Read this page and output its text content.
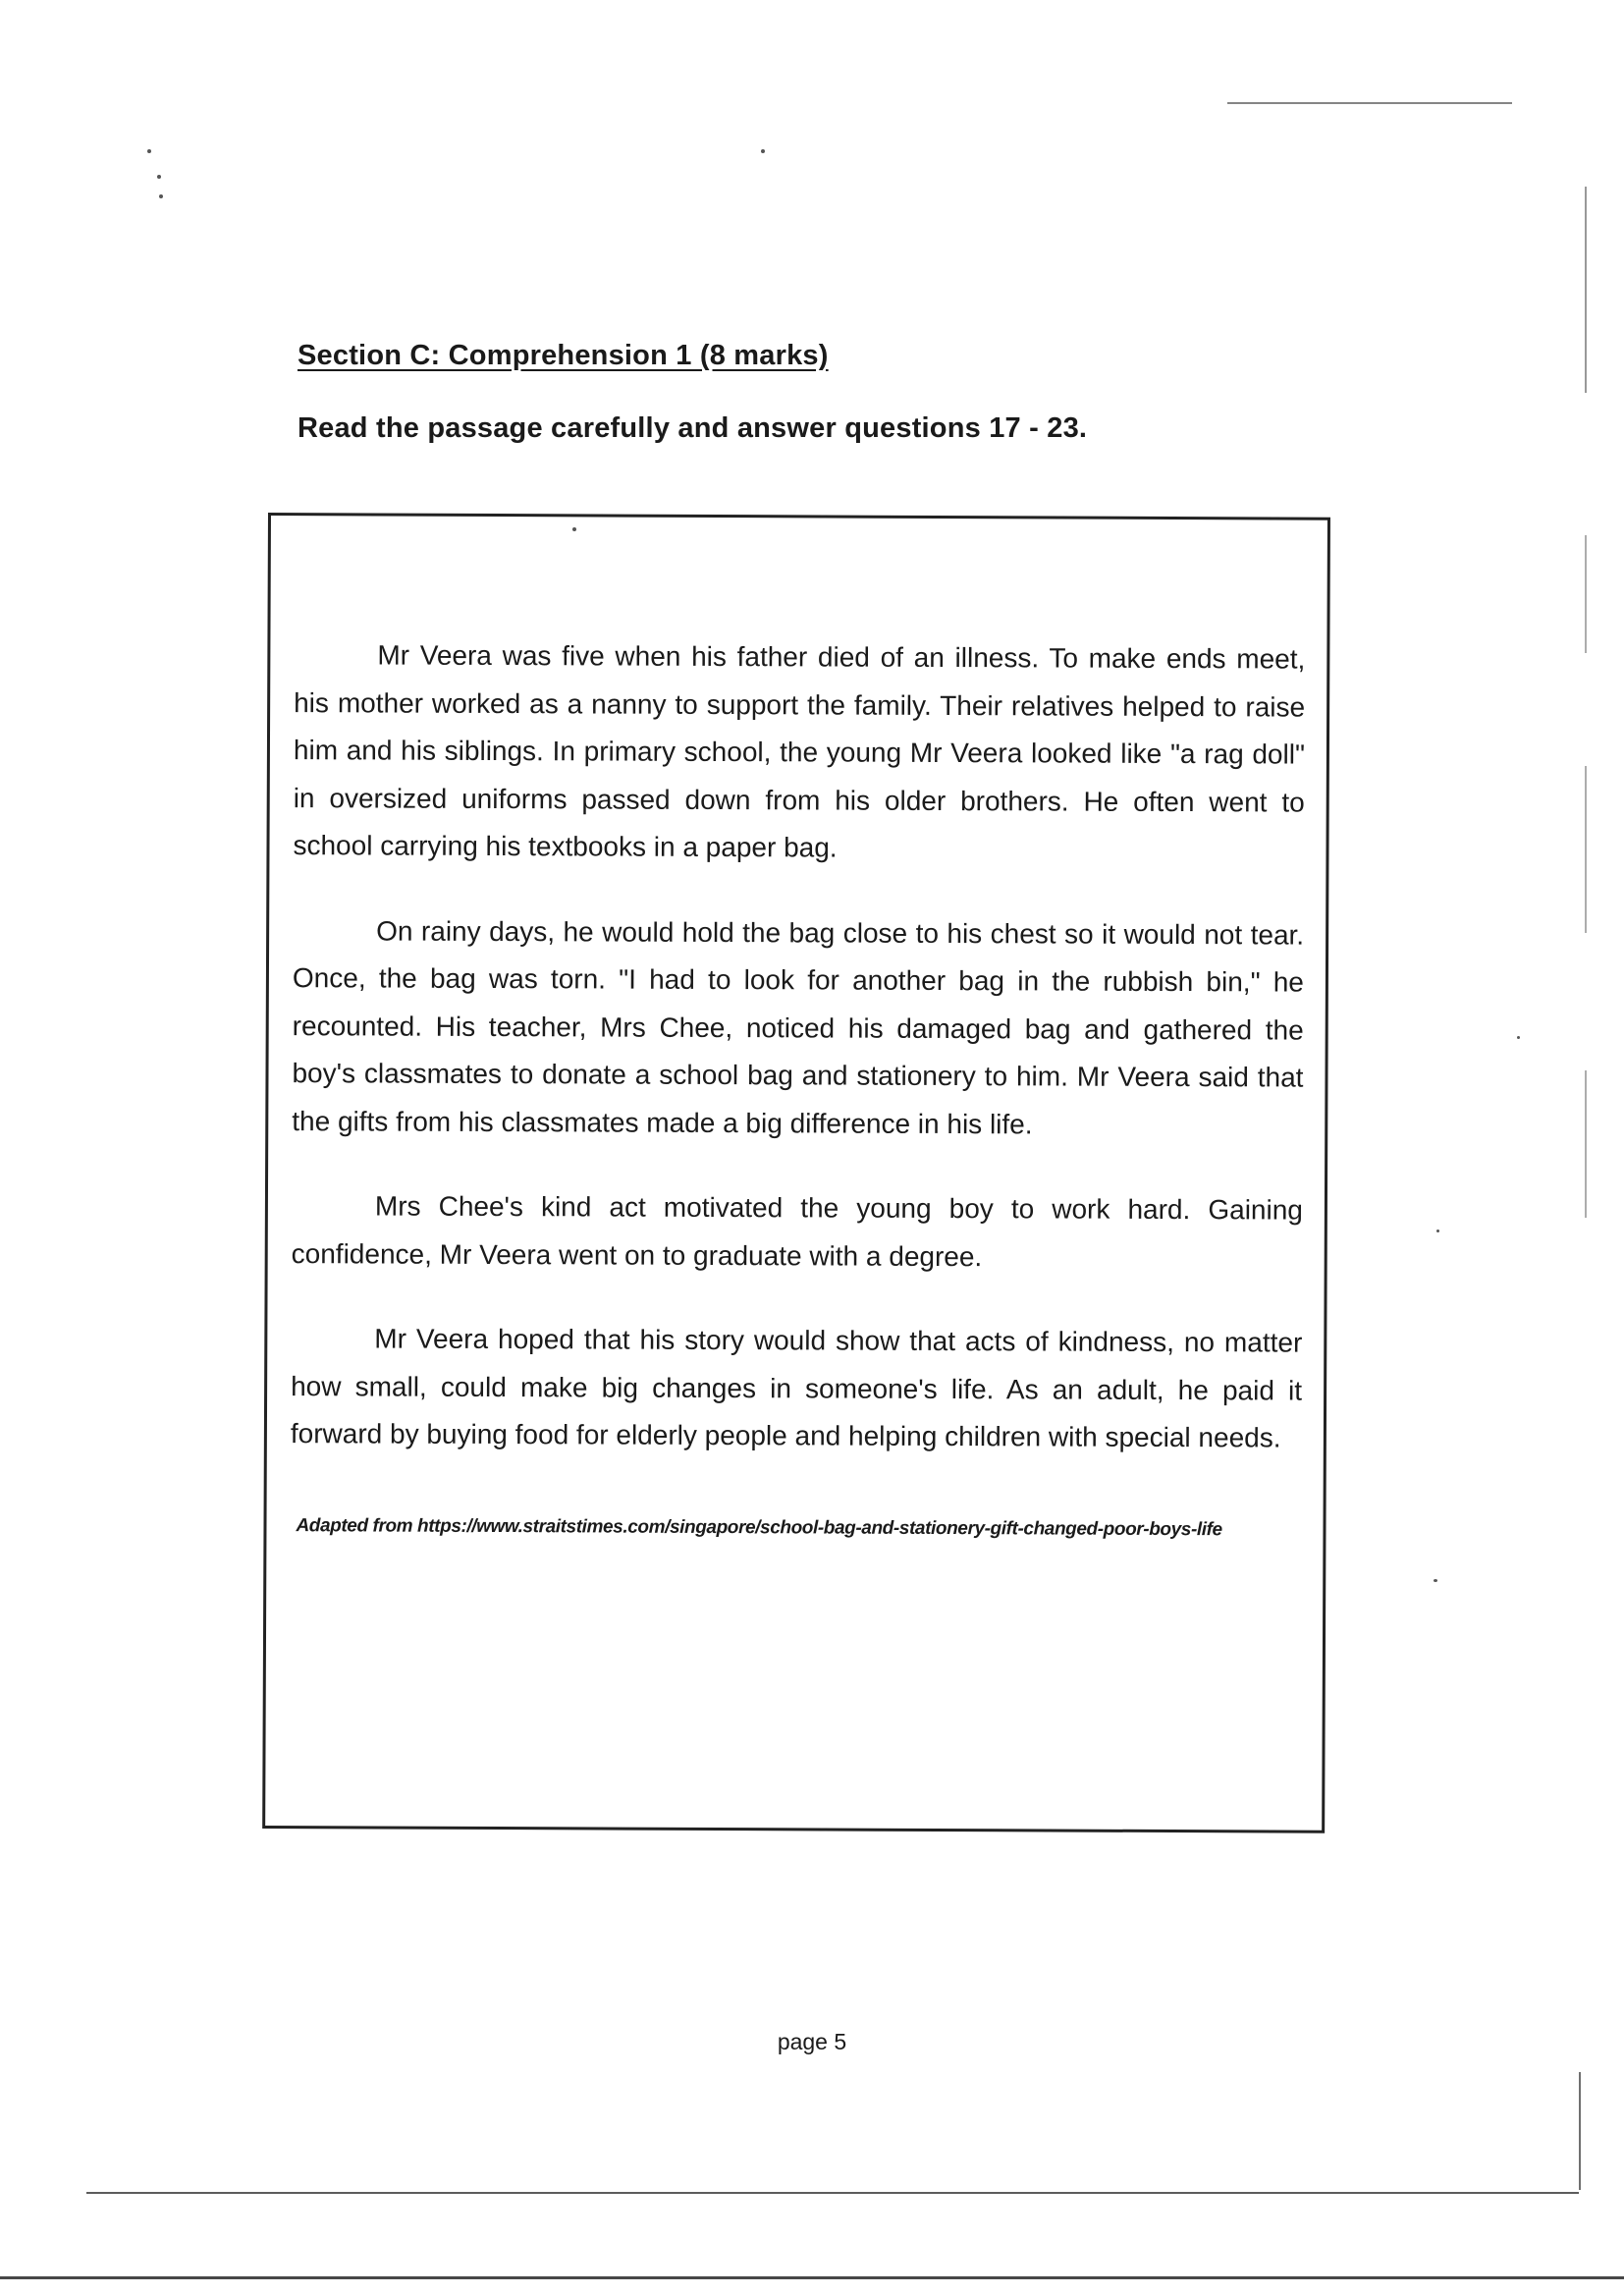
Section C: Comprehension 1 (8 marks)
Read the passage carefully and answer questions 17 - 23.

Mr Veera was five when his father died of an illness. To make ends meet, his mother worked as a nanny to support the family. Their relatives helped to raise him and his siblings. In primary school, the young Mr Veera looked like "a rag doll" in oversized uniforms passed down from his older brothers. He often went to school carrying his textbooks in a paper bag.

On rainy days, he would hold the bag close to his chest so it would not tear. Once, the bag was torn. "I had to look for another bag in the rubbish bin," he recounted. His teacher, Mrs Chee, noticed his damaged bag and gathered the boy's classmates to donate a school bag and stationery to him. Mr Veera said that the gifts from his classmates made a big difference in his life.

Mrs Chee's kind act motivated the young boy to work hard. Gaining confidence, Mr Veera went on to graduate with a degree.

Mr Veera hoped that his story would show that acts of kindness, no matter how small, could make big changes in someone's life. As an adult, he paid it forward by buying food for elderly people and helping children with special needs.

Adapted from https://www.straitstimes.com/singapore/school-bag-and-stationery-gift-changed-poor-boys-life
page 5
